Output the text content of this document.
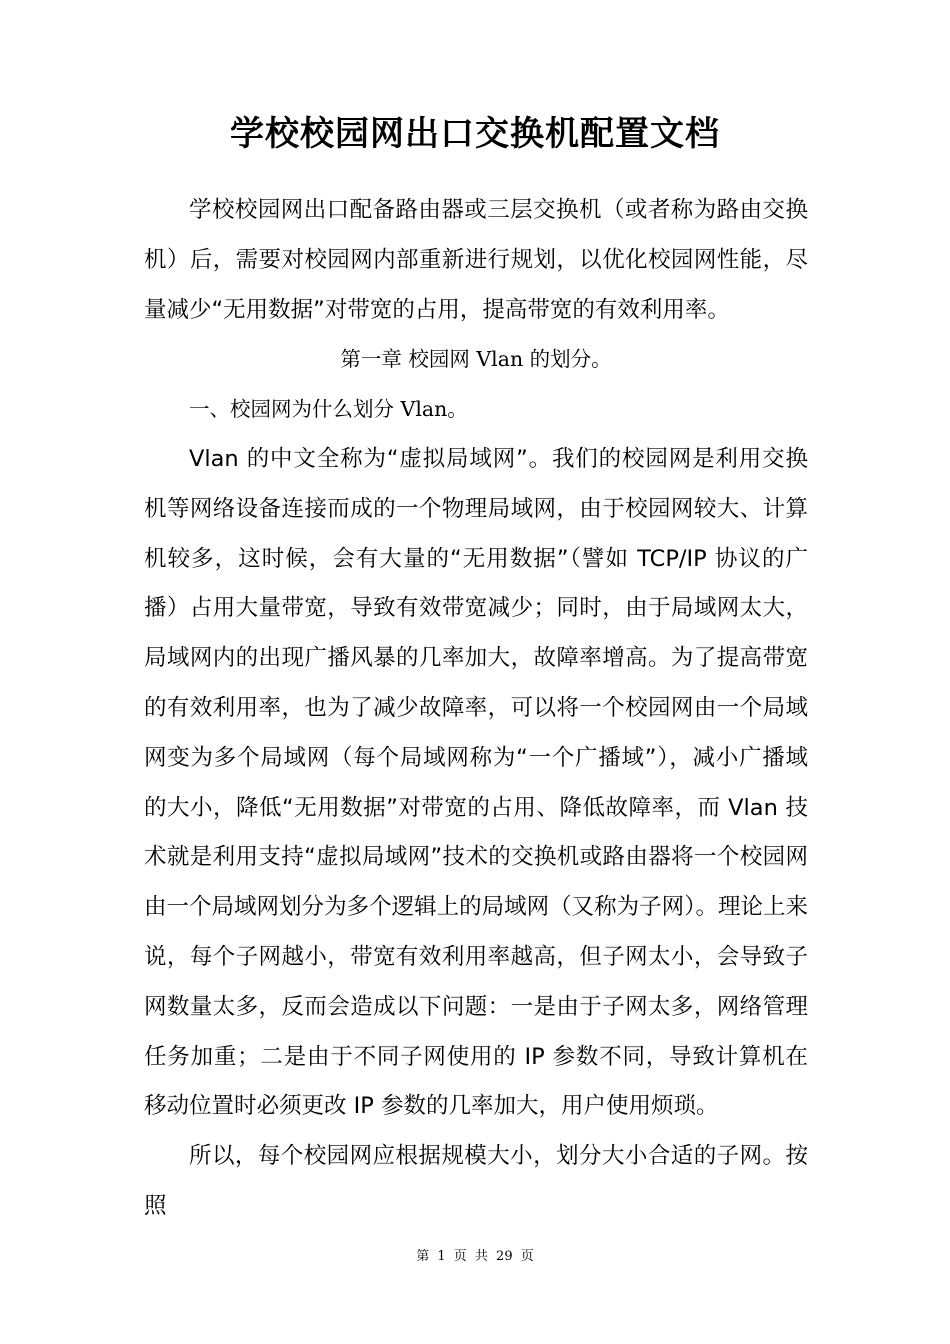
学校校园网出口交换机配置文档

学校校园网出口配备路由器或三层交换机（或者称为路由交换机）后，需要对校园网内部重新进行规划，以优化校园网性能，尽量减少“无用数据”对带宽的占用，提高带宽的有效利用率。

第一章 校园网 Vlan 的划分。

一、校园网为什么划分 Vlan。

Vlan 的中文全称为“虚拟局域网”。我们的校园网是利用交换机等网络设备连接而成的一个物理局域网，由于校园网较大、计算机较多，这时候，会有大量的“无用数据”（譬如 TCP/IP 协议的广播）占用大量带宽，导致有效带宽减少；同时，由于局域网太大，局域网内的出现广播风暴的几率加大，故障率增高。为了提高带宽的有效利用率，也为了减少故障率，可以将一个校园网由一个局域网变为多个局域网（每个局域网称为“一个广播域”），减小广播域的大小，降低“无用数据”对带宽的占用、降低故障率，而 Vlan 技术就是利用支持“虚拟局域网”技术的交换机或路由器将一个校园网由一个局域网划分为多个逻辑上的局域网（又称为子网）。理论上来说，每个子网越小，带宽有效利用率越高，但子网太小，会导致子网数量太多，反而会造成以下问题：一是由于子网太多，网络管理任务加重；二是由于不同子网使用的 IP 参数不同，导致计算机在移动位置时必须更改 IP 参数的几率加大，用户使用烦琐。

所以，每个校园网应根据规模大小，划分大小合适的子网。按照

第 1 页 共 29 页
